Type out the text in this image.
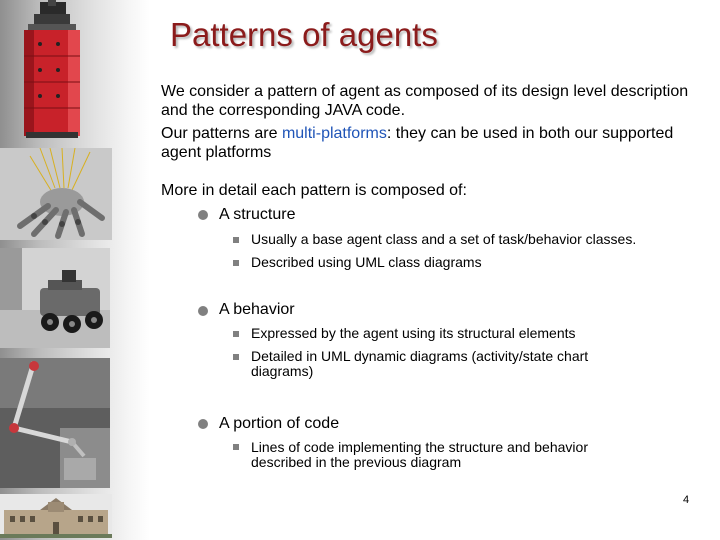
Patterns of agents
We consider a pattern of agent as composed of its design level description and the corresponding JAVA code.
Our patterns are multi-platforms: they can be used in both our supported agent platforms
More in detail each pattern is composed of:
A structure
Usually a base agent class and a set of task/behavior classes.
Described using UML class diagrams
A behavior
Expressed by the agent using its structural elements
Detailed in UML dynamic diagrams (activity/state chart diagrams)
A portion of code
Lines of code implementing the structure and behavior described in the previous diagram
4
